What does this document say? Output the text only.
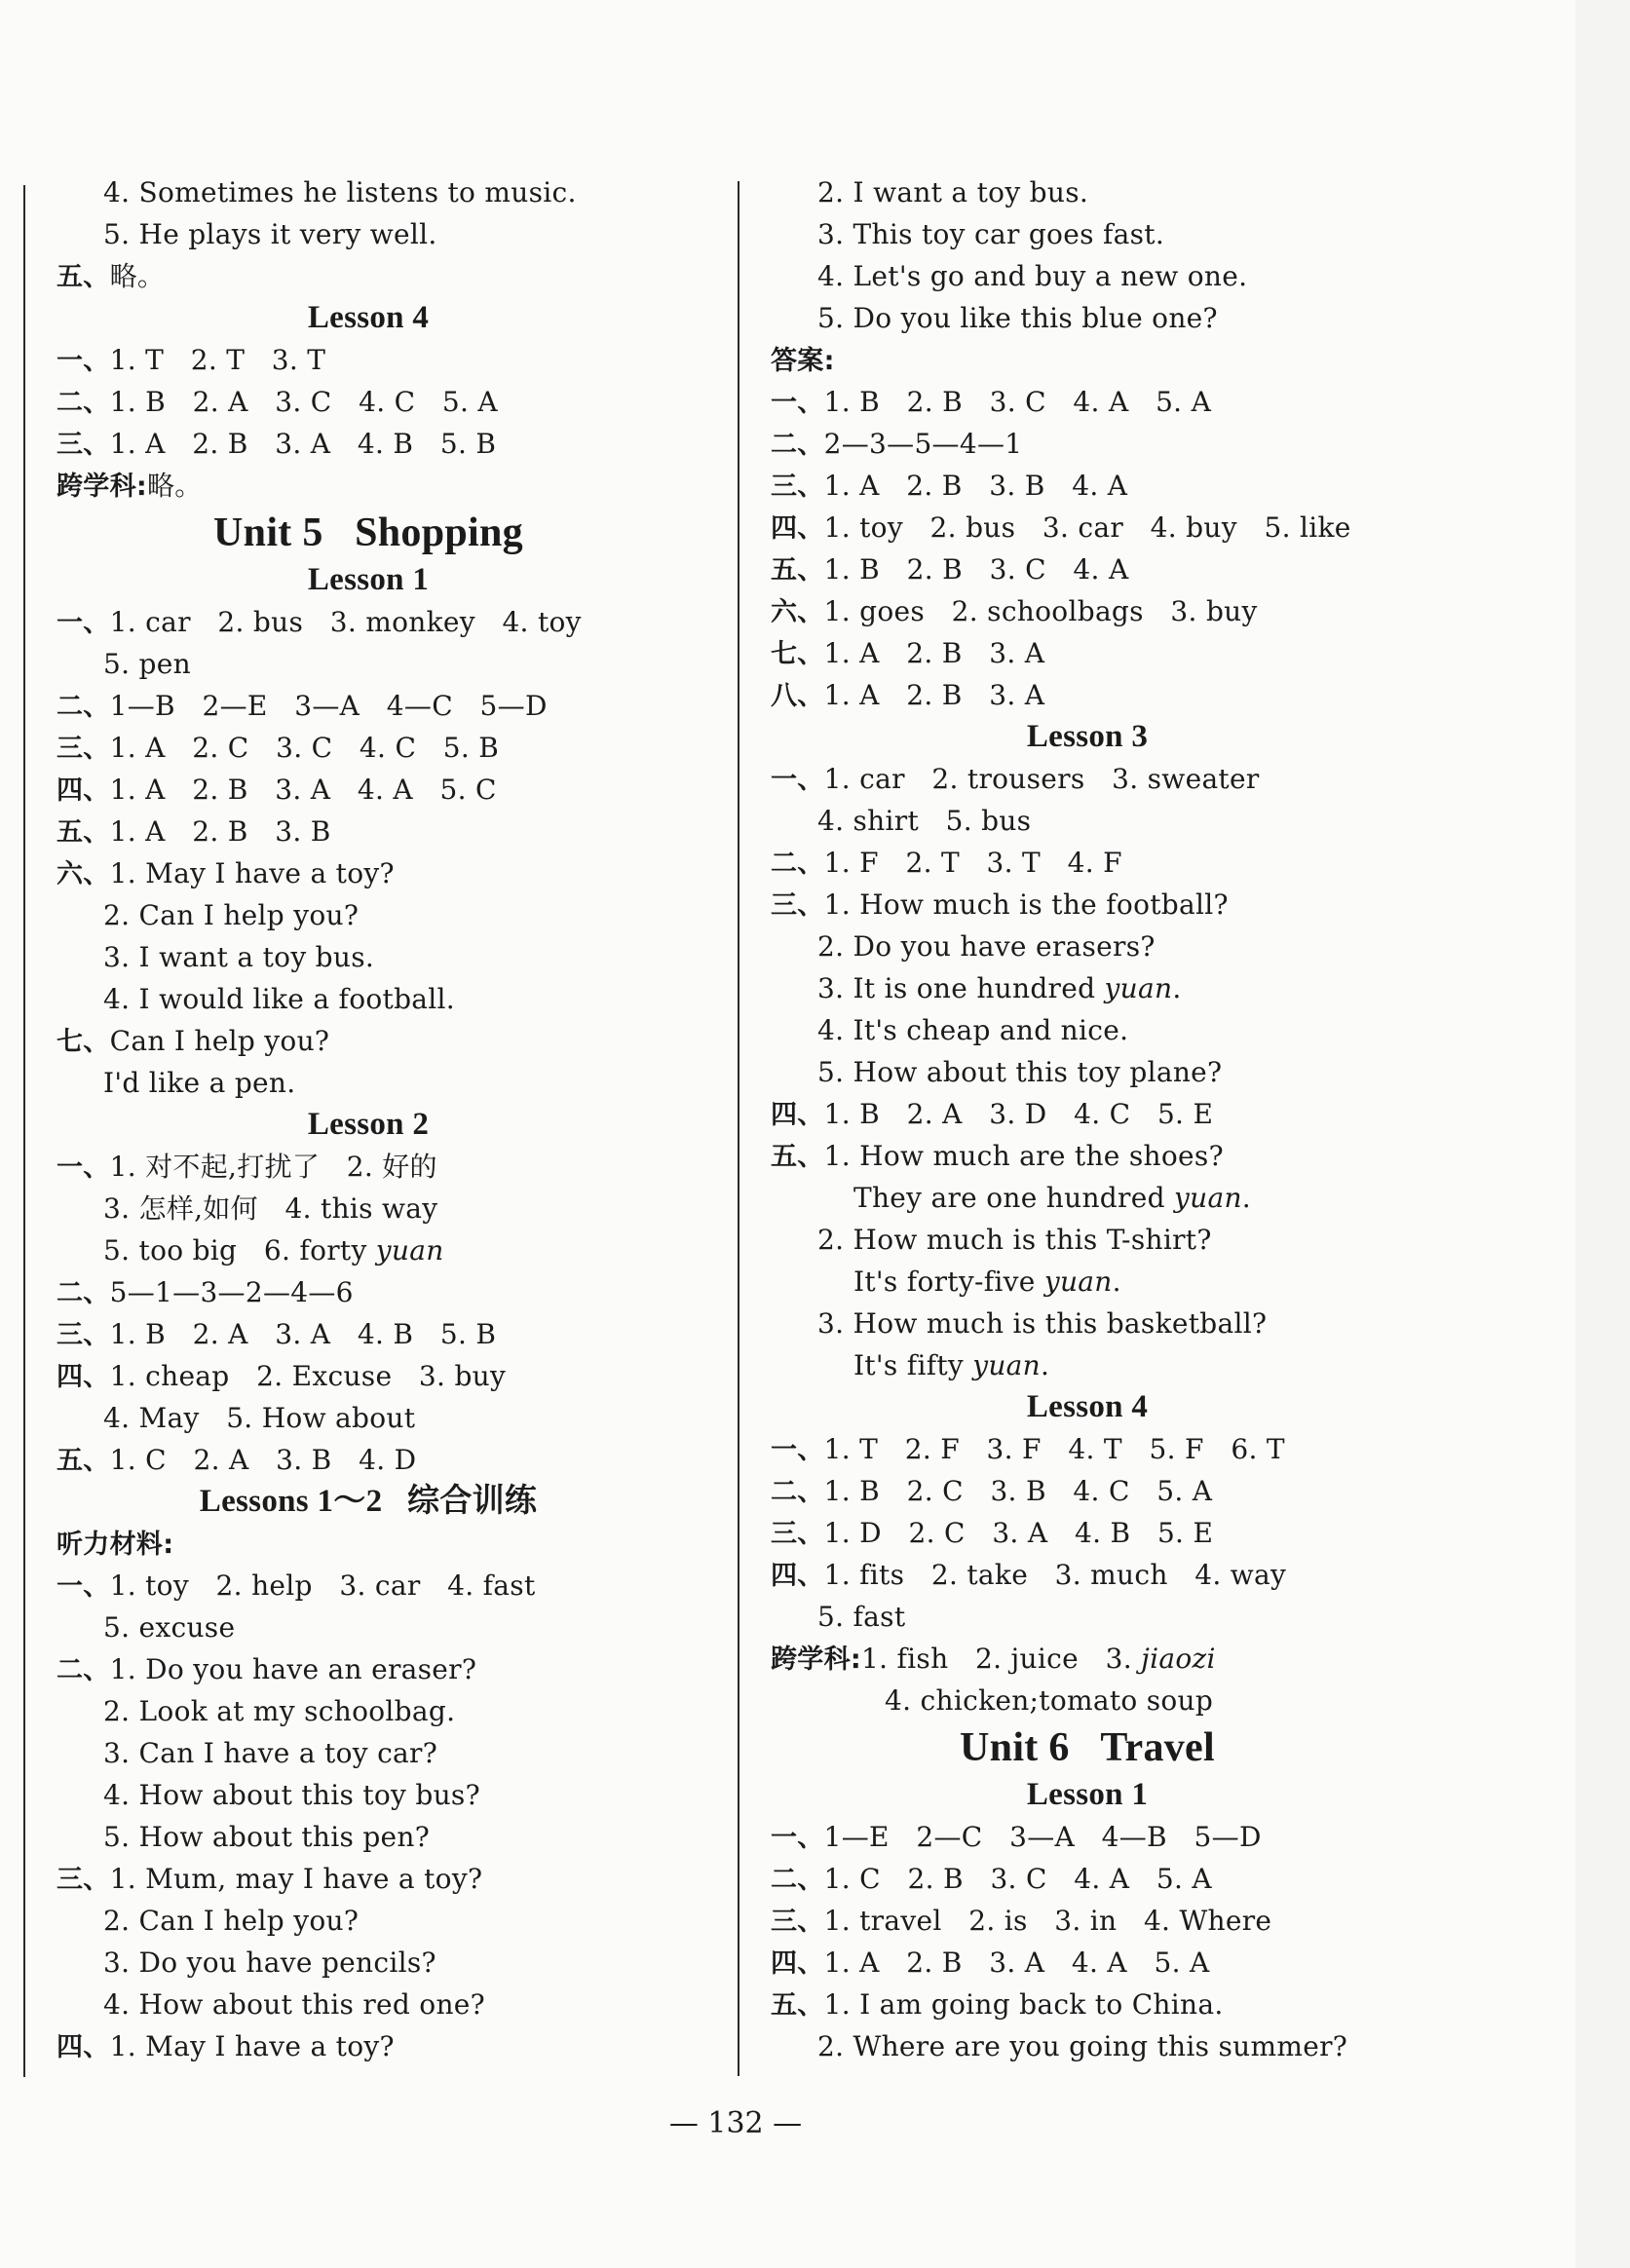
4. Sometimes he listens to music.
5. He plays it very well.
五、略。
Lesson 4
一、1. T   2. T   3. T
二、1. B   2. A   3. C   4. C   5. A
三、1. A   2. B   3. A   4. B   5. B
跨学科:略。
Unit 5   Shopping
Lesson 1
一、1. car   2. bus   3. monkey   4. toy
5. pen
二、1—B   2—E   3—A   4—C   5—D
三、1. A   2. C   3. C   4. C   5. B
四、1. A   2. B   3. A   4. A   5. C
五、1. A   2. B   3. B
六、1. May I have a toy?
2. Can I help you?
3. I want a toy bus.
4. I would like a football.
七、Can I help you?
I'd like a pen.
Lesson 2
一、1. 对不起,打扰了   2. 好的
3. 怎样,如何   4. this way
5. too big   6. forty yuan
二、5—1—3—2—4—6
三、1. B   2. A   3. A   4. B   5. B
四、1. cheap   2. Excuse   3. buy
4. May   5. How about
五、1. C   2. A   3. B   4. D
Lessons 1～2   综合训练
听力材料:
一、1. toy   2. help   3. car   4. fast
5. excuse
二、1. Do you have an eraser?
2. Look at my schoolbag.
3. Can I have a toy car?
4. How about this toy bus?
5. How about this pen?
三、1. Mum, may I have a toy?
2. Can I help you?
3. Do you have pencils?
4. How about this red one?
四、1. May I have a toy?
2. I want a toy bus.
3. This toy car goes fast.
4. Let's go and buy a new one.
5. Do you like this blue one?
答案:
一、1. B   2. B   3. C   4. A   5. A
二、2—3—5—4—1
三、1. A   2. B   3. B   4. A
四、1. toy   2. bus   3. car   4. buy   5. like
五、1. B   2. B   3. C   4. A
六、1. goes   2. schoolbags   3. buy
七、1. A   2. B   3. A
八、1. A   2. B   3. A
Lesson 3
一、1. car   2. trousers   3. sweater
4. shirt   5. bus
二、1. F   2. T   3. T   4. F
三、1. How much is the football?
2. Do you have erasers?
3. It is one hundred yuan.
4. It's cheap and nice.
5. How about this toy plane?
四、1. B   2. A   3. D   4. C   5. E
五、1. How much are the shoes?
They are one hundred yuan.
2. How much is this T-shirt?
It's forty-five yuan.
3. How much is this basketball?
It's fifty yuan.
Lesson 4
一、1. T   2. F   3. F   4. T   5. F   6. T
二、1. B   2. C   3. B   4. C   5. A
三、1. D   2. C   3. A   4. B   5. E
四、1. fits   2. take   3. much   4. way
5. fast
跨学科:1. fish   2. juice   3. jiaozi
4. chicken;tomato soup
Unit 6   Travel
Lesson 1
一、1—E   2—C   3—A   4—B   5—D
二、1. C   2. B   3. C   4. A   5. A
三、1. travel   2. is   3. in   4. Where
四、1. A   2. B   3. A   4. A   5. A
五、1. I am going back to China.
2. Where are you going this summer?
— 132 —
